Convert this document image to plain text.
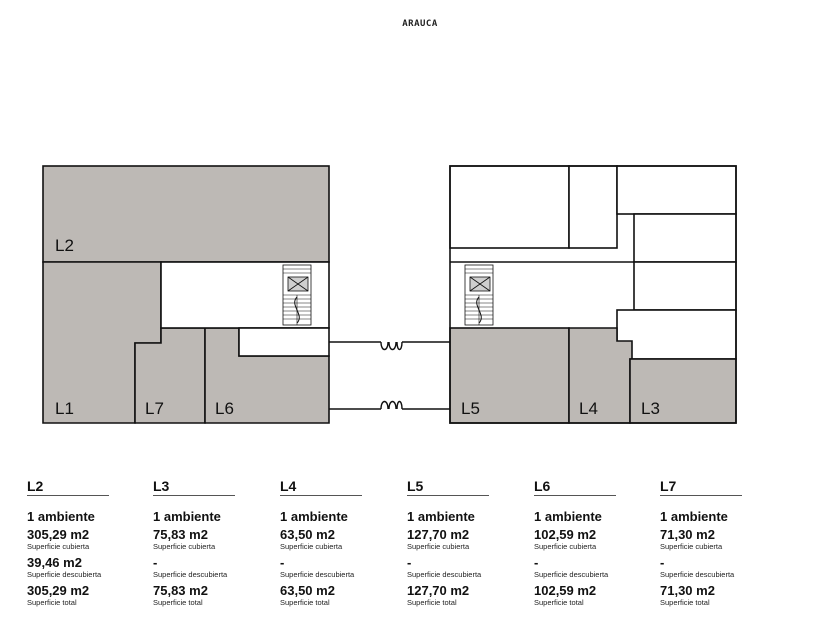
ARAUCA
L2
L1	L7	L6	L5	L4	L3
L2
1 ambiente
305,29 m2
Superficie cubierta
39,46 m2
Superficie descubierta
305,29 m2
Superficie total
L3
1 ambiente
75,83 m2
Superficie cubierta
-
Superficie descubierta
75,83 m2
Superficie total
L4
1 ambiente
63,50 m2
Superficie cubierta
-
Superficie descubierta
63,50 m2
Superficie total
L5
1 ambiente
127,70 m2
Superficie cubierta
-
Superficie descubierta
127,70 m2
Superficie total
L6
1 ambiente
102,59 m2
Superficie cubierta
-
Superficie descubierta
102,59 m2
Superficie total
L7
1 ambiente
71,30 m2
Superficie cubierta
-
Superficie descubierta
71,30 m2
Superficie total
